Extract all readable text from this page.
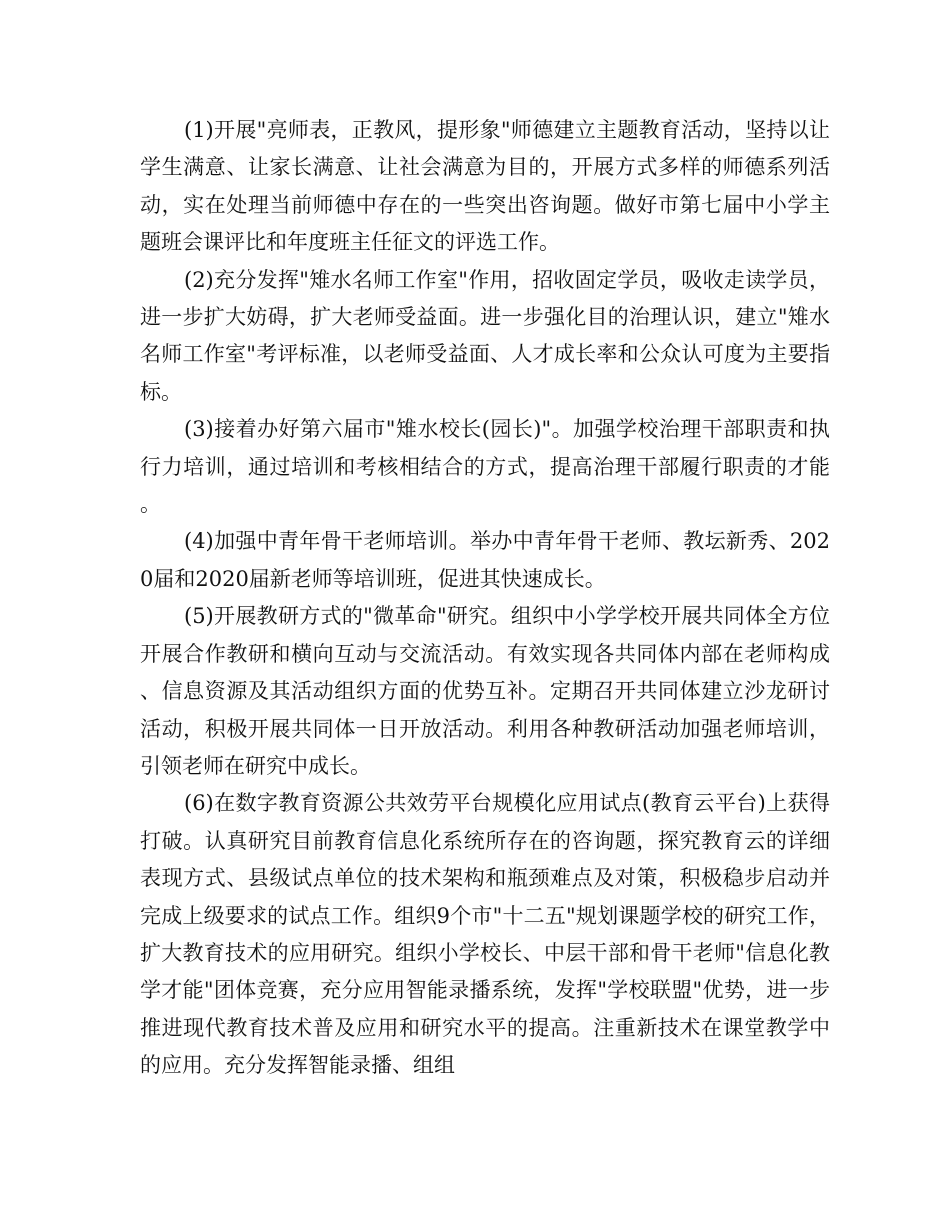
(1)开展"亮师表，正教风，提形象"师德建立主题教育活动，坚持以让学生满意、让家长满意、让社会满意为目的，开展方式多样的师德系列活动，实在处理当前师德中存在的一些突出咨询题。做好市第七届中小学主题班会课评比和年度班主任征文的评选工作。

(2)充分发挥"雉水名师工作室"作用，招收固定学员，吸收走读学员，进一步扩大妨碍，扩大老师受益面。进一步强化目的治理认识，建立"雉水名师工作室"考评标准，以老师受益面、人才成长率和公众认可度为主要指标。

(3)接着办好第六届市"雉水校长(园长)"。加强学校治理干部职责和执行力培训，通过培训和考核相结合的方式，提高治理干部履行职责的才能。

(4)加强中青年骨干老师培训。举办中青年骨干老师、教坛新秀、2020届和2020届新老师等培训班，促进其快速成长。

(5)开展教研方式的"微革命"研究。组织中小学学校开展共同体全方位开展合作教研和横向互动与交流活动。有效实现各共同体内部在老师构成、信息资源及其活动组织方面的优势互补。定期召开共同体建立沙龙研讨活动，积极开展共同体一日开放活动。利用各种教研活动加强老师培训，引领老师在研究中成长。

(6)在数字教育资源公共效劳平台规模化应用试点(教育云平台)上获得打破。认真研究目前教育信息化系统所存在的咨询题，探究教育云的详细表现方式、县级试点单位的技术架构和瓶颈难点及对策，积极稳步启动并完成上级要求的试点工作。组织9个市"十二五"规划课题学校的研究工作，扩大教育技术的应用研究。组织小学校长、中层干部和骨干老师"信息化教学才能"团体竞赛，充分应用智能录播系统，发挥"学校联盟"优势，进一步推进现代教育技术普及应用和研究水平的提高。注重新技术在课堂教学中的应用。充分发挥智能录播、组组
